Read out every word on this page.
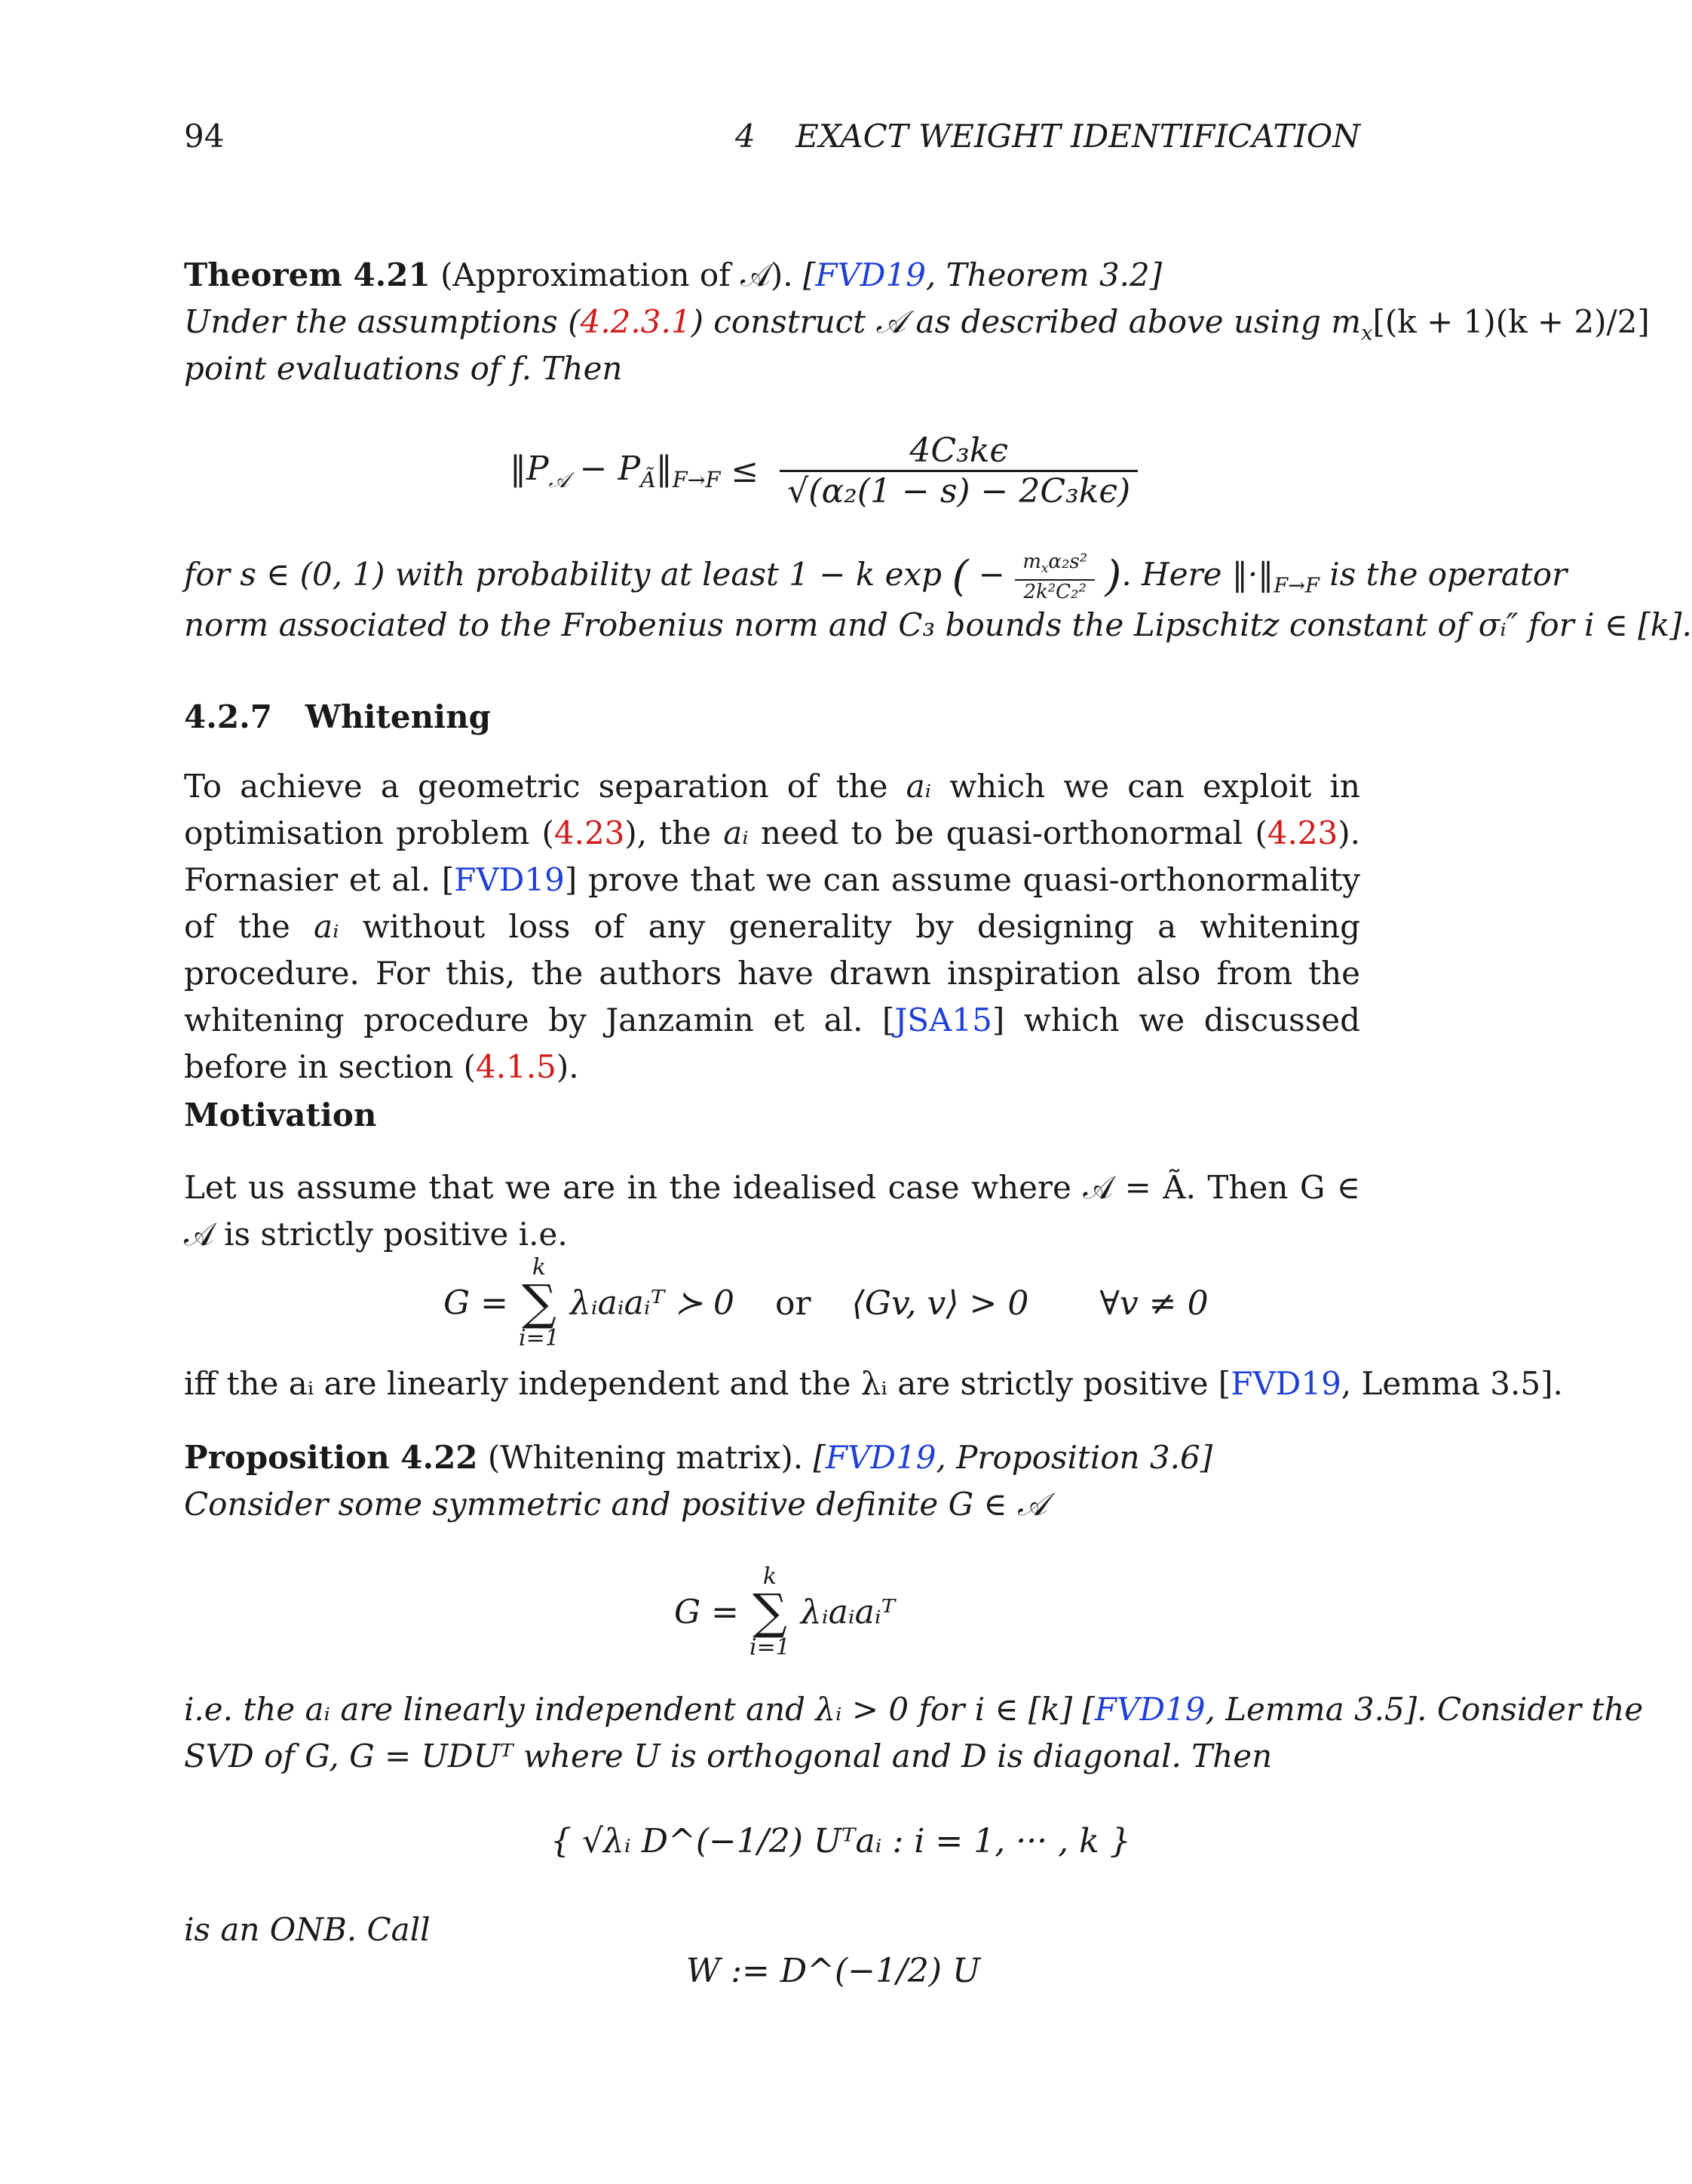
94	4    EXACT WEIGHT IDENTIFICATION
Theorem 4.21 (Approximation of 𝒜). [FVD19, Theorem 3.2]
Under the assumptions (4.2.3.1) construct 𝒜 as described above using $m_x[(k + 1)(k + 2)/2]$
point evaluations of f. Then
$‖P_𝒜$ − $P_Ã‖_{F\to F} \le \frac{\text{4C₃kϵ}}{\text{√(α₂(1 − s) − 2C₃kϵ)}}$
for s ∈ (0, 1) with probability at least 1 − k exp ( − $\frac{m_x\alpha_2s^2}{\text{2k²C₂²}}$ ). Here $‖\cdot‖_{F\to F}$ is the operator
norm associated to the Frobenius norm and C₃ bounds the Lipschitz constant of σᵢ″ for i ∈ [k].
4.2.7 Whitening
To achieve a geometric separation of the aᵢ which we can exploit in optimisation problem (4.23), the aᵢ need to be quasi-orthonormal (4.23). Fornasier et al. [FVD19] prove that we can assume quasi-orthonormality of the aᵢ without loss of any generality by designing a whitening procedure. For this, the authors have drawn inspiration also from the whitening procedure by Janzamin et al. [JSA15] which we discussed before in section (4.1.5).
Motivation
Let us assume that we are in the idealised case where 𝒜 = Ã. Then G ∈ 𝒜 is strictly positive i.e.
G =
k
∑
i=1
λᵢaᵢaᵢᵀ ≻ 0 or ⟨Gv, v⟩ > 0 ∀v ≠ 0
iff the aᵢ are linearly independent and the λᵢ are strictly positive [FVD19, Lemma 3.5].
Proposition 4.22 (Whitening matrix). [FVD19, Proposition 3.6]
Consider some symmetric and positive definite G ∈ 𝒜
G =
k
∑
i=1
λᵢaᵢaᵢᵀ
i.e. the aᵢ are linearly independent and λᵢ > 0 for i ∈ [k] [FVD19, Lemma 3.5]. Consider the
SVD of G, G = UDUᵀ where U is orthogonal and D is diagonal. Then
{ √λᵢ D^(−1/2) Uᵀaᵢ : i = 1, ··· , k }
is an ONB. Call
W := D^(−1/2) U
